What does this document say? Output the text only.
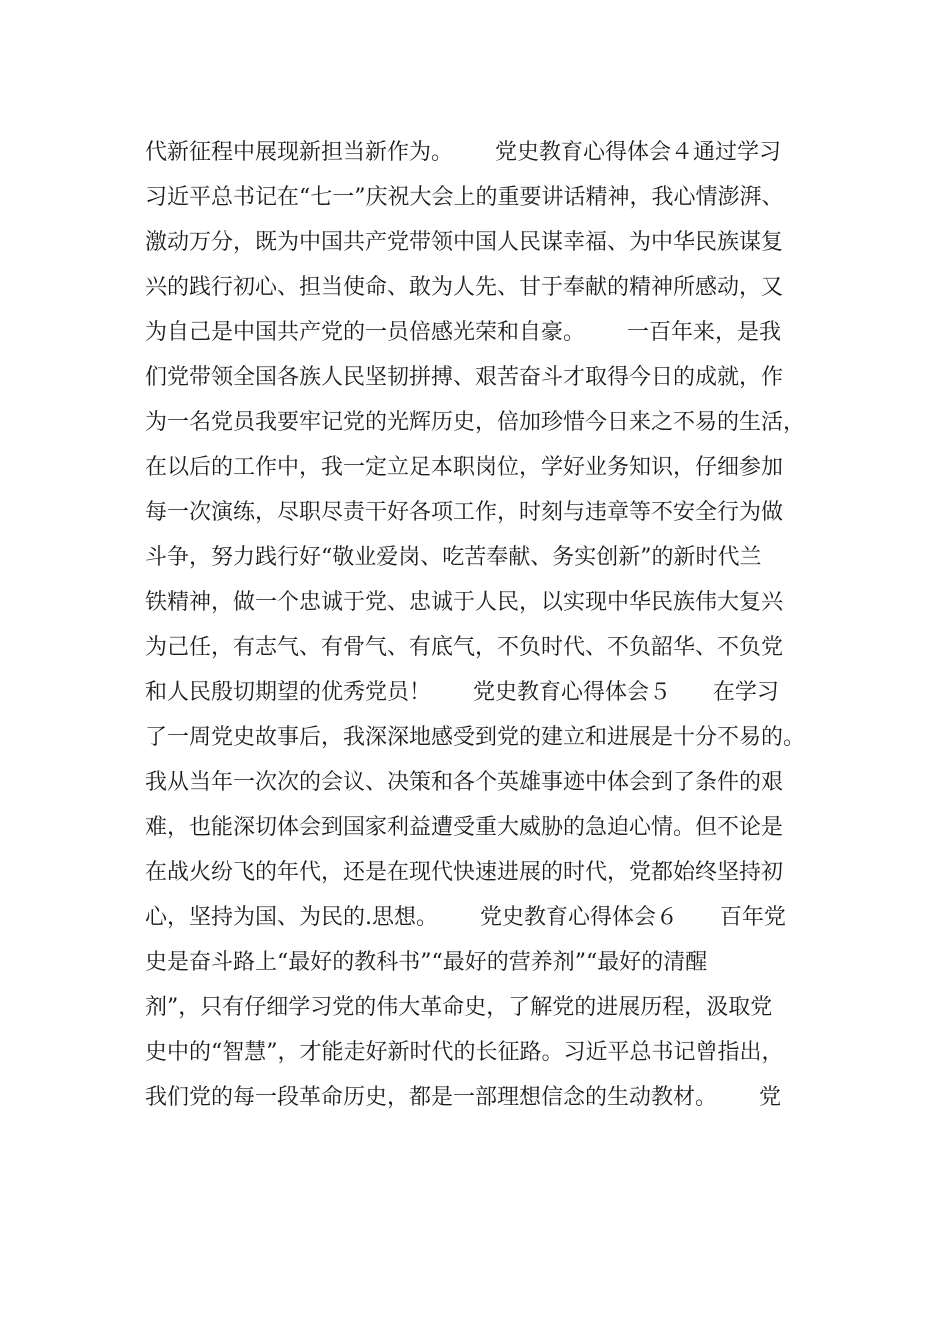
代新征程中展现新担当新作为。      党史教育心得体会４通过学习
习近平总书记在“七一”庆祝大会上的重要讲话精神，我心情澎湃、
激动万分，既为中国共产党带领中国人民谋幸福、为中华民族谋复
兴的践行初心、担当使命、敢为人先、甘于奉献的精神所感动，又
为自己是中国共产党的一员倍感光荣和自豪。      一百年来，是我
们党带领全国各族人民坚韧拼搏、艰苦奋斗才取得今日的成就，作
为一名党员我要牢记党的光辉历史，倍加珍惜今日来之不易的生活，
在以后的工作中，我一定立足本职岗位，学好业务知识，仔细参加
每一次演练，尽职尽责干好各项工作，时刻与违章等不安全行为做
斗争，努力践行好“敬业爱岗、吃苦奉献、务实创新”的新时代兰
铁精神，做一个忠诚于党、忠诚于人民，以实现中华民族伟大复兴
为己任，有志气、有骨气、有底气，不负时代、不负韶华、不负党
和人民殷切期望的优秀党员！      党史教育心得体会５      在学习
了一周党史故事后，我深深地感受到党的建立和进展是十分不易的。
我从当年一次次的会议、决策和各个英雄事迹中体会到了条件的艰
难，也能深切体会到国家利益遭受重大威胁的急迫心情。但不论是
在战火纷飞的年代，还是在现代快速进展的时代，党都始终坚持初
心，坚持为国、为民的.思想。      党史教育心得体会６      百年党
史是奋斗路上“最好的教科书”“最好的营养剂”“最好的清醒
剂”，只有仔细学习党的伟大革命史，了解党的进展历程，汲取党
史中的“智慧”，才能走好新时代的长征路。习近平总书记曾指出，
我们党的每一段革命历史，都是一部理想信念的生动教材。      党
